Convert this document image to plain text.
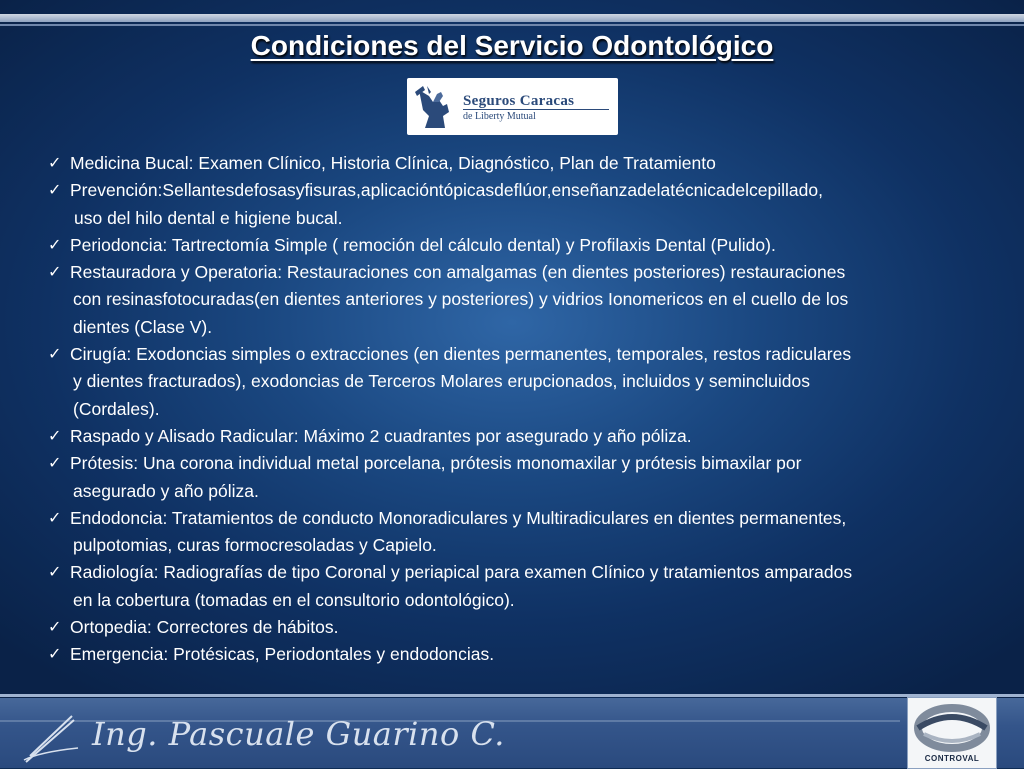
Condiciones del Servicio Odontológico
Seguros Caracas
de Liberty Mutual
✓ Medicina Bucal: Examen Clínico, Historia Clínica, Diagnóstico, Plan de Tratamiento
✓ Prevención:Sellantesdefosasyfisuras,aplicacióntópicasdeflúor,enseñanzadelatécnicadelcepillado,
uso del hilo dental e higiene bucal.
✓ Periodoncia: Tartrectomía Simple ( remoción del cálculo dental) y Profilaxis Dental (Pulido).
✓ Restauradora y Operatoria: Restauraciones con amalgamas (en dientes posteriores) restauraciones
con resinasfotocuradas(en dientes anteriores y posteriores) y vidrios Ionomericos en el cuello de los
dientes (Clase V).
✓ Cirugía: Exodoncias simples o extracciones (en dientes permanentes, temporales, restos radiculares
y dientes fracturados), exodoncias de Terceros Molares erupcionados, incluidos y semincluidos
(Cordales).
✓ Raspado y Alisado Radicular: Máximo 2 cuadrantes por asegurado y año póliza.
✓ Prótesis: Una corona individual metal porcelana, prótesis monomaxilar y prótesis bimaxilar por
asegurado y año póliza.
✓ Endodoncia: Tratamientos de conducto Monoradiculares y Multiradiculares en dientes permanentes,
pulpotomias, curas formocresoladas y Capielo.
✓ Radiología: Radiografías de tipo Coronal y periapical para examen Clínico y tratamientos amparados
en la cobertura (tomadas en el consultorio odontológico).
✓ Ortopedia: Correctores de hábitos.
✓ Emergencia: Protésicas, Periodontales y endodoncias.
Ing. Pascuale Guarino C.
CONTROVAL
